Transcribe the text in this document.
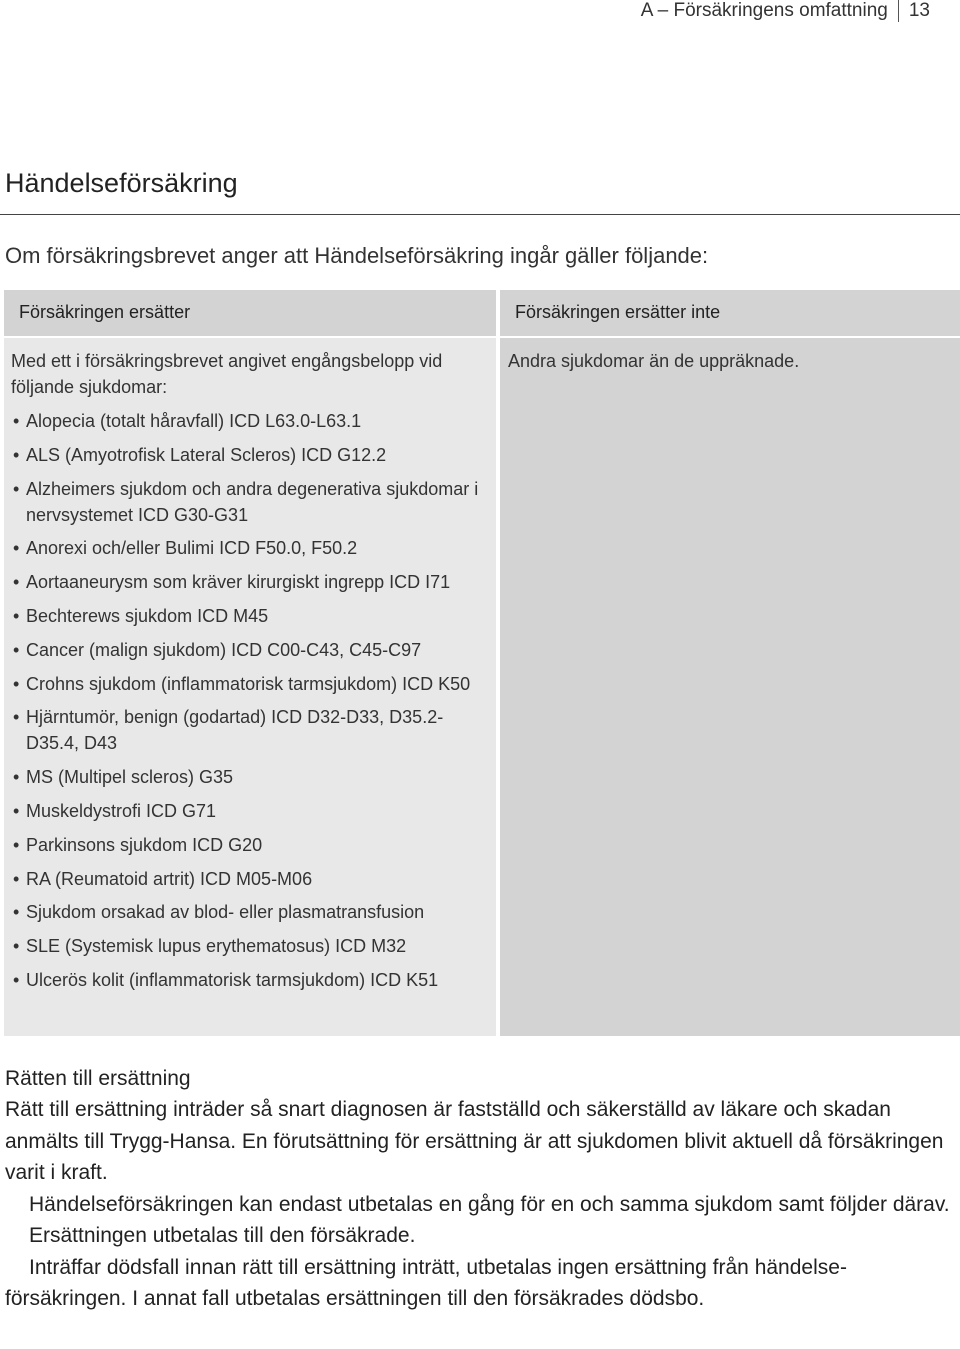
A – Försäkringens omfattning 13
Händelseförsäkring

Om försäkringsbrevet anger att Händelseförsäkring ingår gäller följande:

Försäkringen ersätter	Försäkringen ersätter inte

Med ett i försäkringsbrevet angivet engångsbelopp vid följande sjukdomar:

• Alopecia (totalt håravfall) ICD L63.0-L63.1
• ALS (Amyotrofisk Lateral Scleros) ICD G12.2
• Alzheimers sjukdom och andra degenerativa sjukdomar i nervsystemet ICD G30-G31
• Anorexi och/eller Bulimi ICD F50.0, F50.2
• Aortaaneurysm som kräver kirurgiskt ingrepp ICD I71
• Bechterews sjukdom ICD M45
• Cancer (malign sjukdom) ICD C00-C43, C45-C97
• Crohns sjukdom (inflammatorisk tarmsjukdom) ICD K50
• Hjärntumör, benign (godartad) ICD D32-D33, D35.2-D35.4, D43
• MS (Multipel scleros) G35
• Muskeldystrofi ICD G71
• Parkinsons sjukdom ICD G20
• RA (Reumatoid artrit) ICD M05-M06
• Sjukdom orsakad av blod- eller plasmatransfusion
• SLE (Systemisk lupus erythematosus) ICD M32
• Ulcerös kolit (inflammatorisk tarmsjukdom) ICD K51

Andra sjukdomar än de uppräknade.

Rätten till ersättning

Rätt till ersättning inträder så snart diagnosen är fastställd och säkerställd av läkare och skadan anmälts till Trygg-Hansa. En förutsättning för ersättning är att sjukdomen blivit aktuell då försäkringen varit i kraft.

Händelseförsäkringen kan endast utbetalas en gång för en och samma sjukdom samt följder därav.

Ersättningen utbetalas till den försäkrade.

Inträffar dödsfall innan rätt till ersättning inträtt, utbetalas ingen ersättning från händelse-försäkringen. I annat fall utbetalas ersättningen till den försäkrades dödsbo.
